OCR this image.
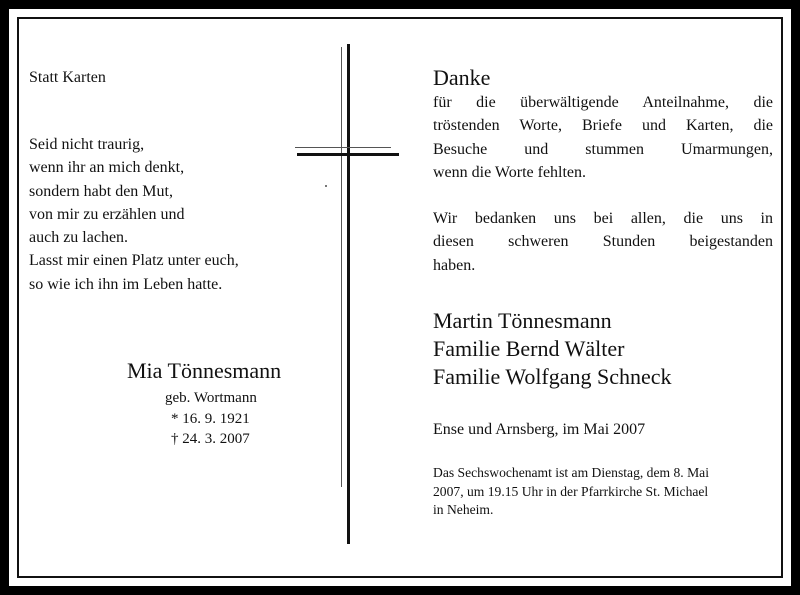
Statt Karten
Seid nicht traurig,
wenn ihr an mich denkt,
sondern habt den Mut,
von mir zu erzählen und
auch zu lachen.
Lasst mir einen Platz unter euch,
so wie ich ihn im Leben hatte.
Mia Tönnesmann
geb. Wortmann
* 16. 9. 1921
† 24. 3. 2007
Danke
für die überwältigende Anteilnahme, die
tröstenden Worte, Briefe und Karten, die
Besuche und stummen Umarmungen,
wenn die Worte fehlten.
Wir bedanken uns bei allen, die uns in
diesen schweren Stunden beigestanden
haben.
Martin Tönnesmann
Familie Bernd Wälter
Familie Wolfgang Schneck
Ense und Arnsberg, im Mai 2007
Das Sechswochenamt ist am Dienstag, dem 8. Mai
2007, um 19.15 Uhr in der Pfarrkirche St. Michael
in Neheim.
